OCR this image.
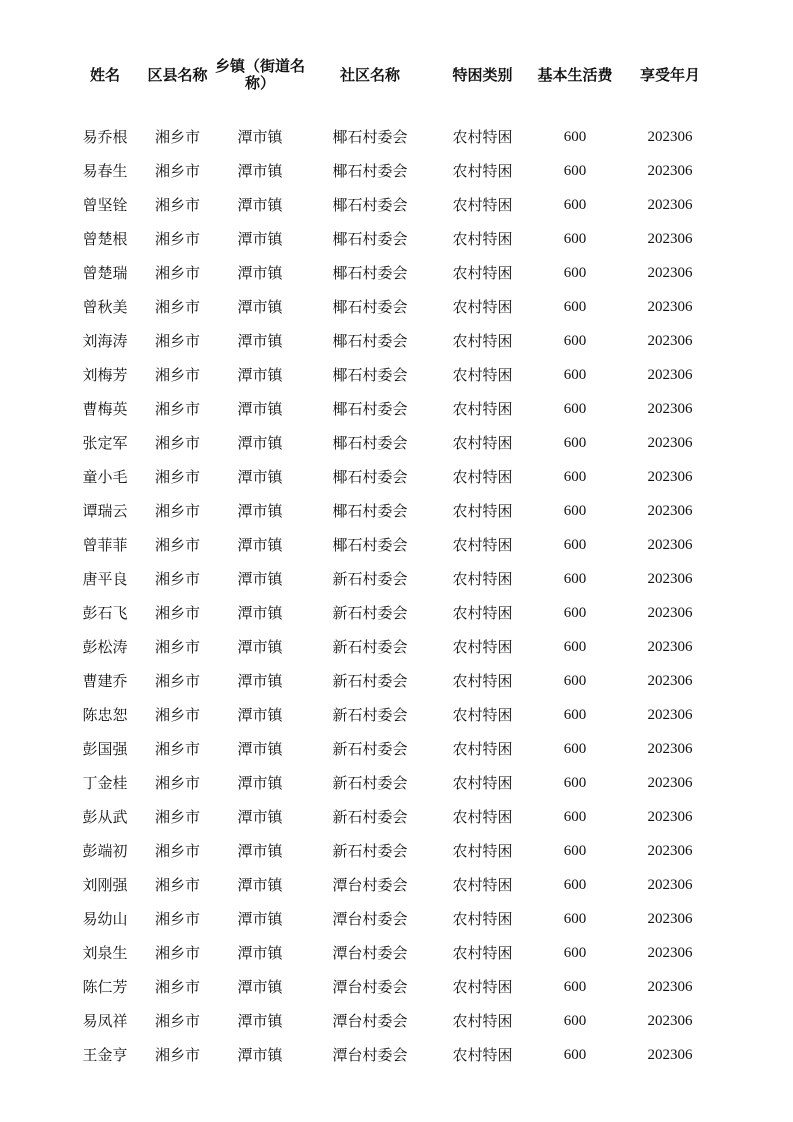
姓名	区县名称	乡镇（街道名称）	社区名称	特困类别	基本生活费	享受年月

易乔根	湘乡市	潭市镇	椰石村委会	农村特困	600	202306
易春生	湘乡市	潭市镇	椰石村委会	农村特困	600	202306
曾坚铨	湘乡市	潭市镇	椰石村委会	农村特困	600	202306
曾楚根	湘乡市	潭市镇	椰石村委会	农村特困	600	202306
曾楚瑞	湘乡市	潭市镇	椰石村委会	农村特困	600	202306
曾秋美	湘乡市	潭市镇	椰石村委会	农村特困	600	202306
刘海涛	湘乡市	潭市镇	椰石村委会	农村特困	600	202306
刘梅芳	湘乡市	潭市镇	椰石村委会	农村特困	600	202306
曹梅英	湘乡市	潭市镇	椰石村委会	农村特困	600	202306
张定军	湘乡市	潭市镇	椰石村委会	农村特困	600	202306
童小毛	湘乡市	潭市镇	椰石村委会	农村特困	600	202306
谭瑞云	湘乡市	潭市镇	椰石村委会	农村特困	600	202306
曾菲菲	湘乡市	潭市镇	椰石村委会	农村特困	600	202306
唐平良	湘乡市	潭市镇	新石村委会	农村特困	600	202306
彭石飞	湘乡市	潭市镇	新石村委会	农村特困	600	202306
彭松涛	湘乡市	潭市镇	新石村委会	农村特困	600	202306
曹建乔	湘乡市	潭市镇	新石村委会	农村特困	600	202306
陈忠恕	湘乡市	潭市镇	新石村委会	农村特困	600	202306
彭国强	湘乡市	潭市镇	新石村委会	农村特困	600	202306
丁金桂	湘乡市	潭市镇	新石村委会	农村特困	600	202306
彭从武	湘乡市	潭市镇	新石村委会	农村特困	600	202306
彭端初	湘乡市	潭市镇	新石村委会	农村特困	600	202306
刘刚强	湘乡市	潭市镇	潭台村委会	农村特困	600	202306
易幼山	湘乡市	潭市镇	潭台村委会	农村特困	600	202306
刘泉生	湘乡市	潭市镇	潭台村委会	农村特困	600	202306
陈仁芳	湘乡市	潭市镇	潭台村委会	农村特困	600	202306
易凤祥	湘乡市	潭市镇	潭台村委会	农村特困	600	202306
王金亨	湘乡市	潭市镇	潭台村委会	农村特困	600	202306
